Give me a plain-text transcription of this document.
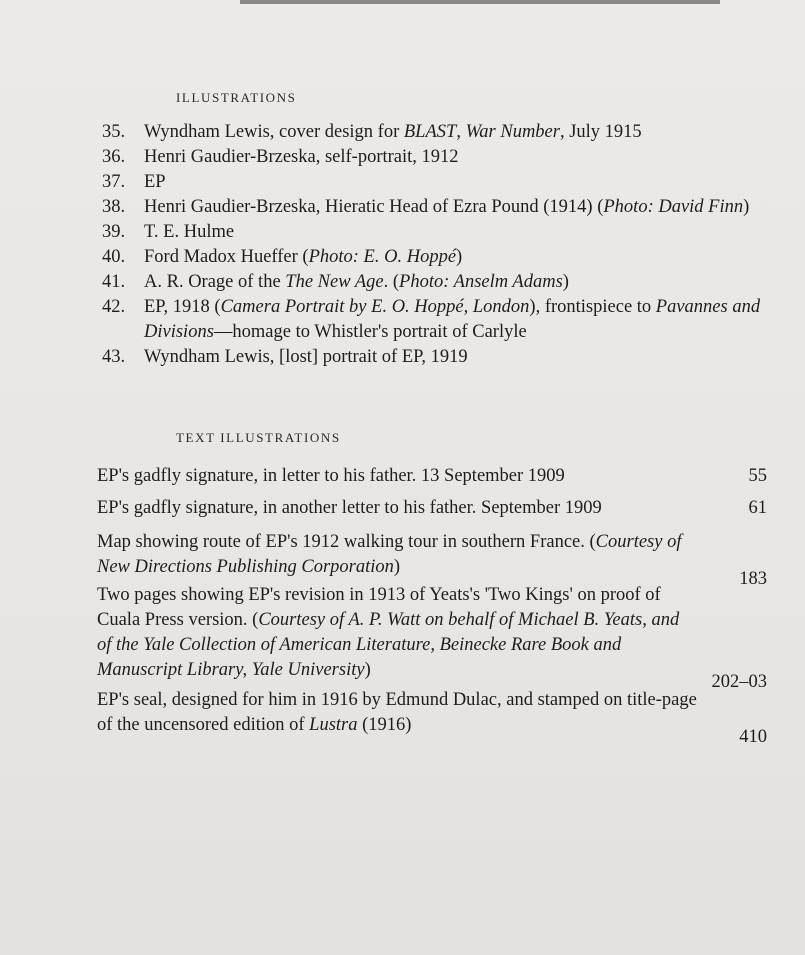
ILLUSTRATIONS
35. Wyndham Lewis, cover design for BLAST, War Number, July 1915
36. Henri Gaudier-Brzeska, self-portrait, 1912
37. EP
38. Henri Gaudier-Brzeska, Hieratic Head of Ezra Pound (1914) (Photo: David Finn)
39. T. E. Hulme
40. Ford Madox Hueffer (Photo: E. O. Hoppé)
41. A. R. Orage of the The New Age. (Photo: Anselm Adams)
42. EP, 1918 (Camera Portrait by E. O. Hoppé, London), frontispiece to Pavannes and Divisions—homage to Whistler's portrait of Carlyle
43. Wyndham Lewis, [lost] portrait of EP, 1919
TEXT ILLUSTRATIONS
EP's gadfly signature, in letter to his father. 13 September 1909	55
EP's gadfly signature, in another letter to his father. September 1909	61
Map showing route of EP's 1912 walking tour in southern France. (Courtesy of New Directions Publishing Corporation)
183
Two pages showing EP's revision in 1913 of Yeats's 'Two Kings' on proof of Cuala Press version. (Courtesy of A. P. Watt on behalf of Michael B. Yeats, and of the Yale Collection of American Literature, Beinecke Rare Book and Manuscript Library, Yale University)
202–03
EP's seal, designed for him in 1916 by Edmund Dulac, and stamped on title-page of the uncensored edition of Lustra (1916)
410
